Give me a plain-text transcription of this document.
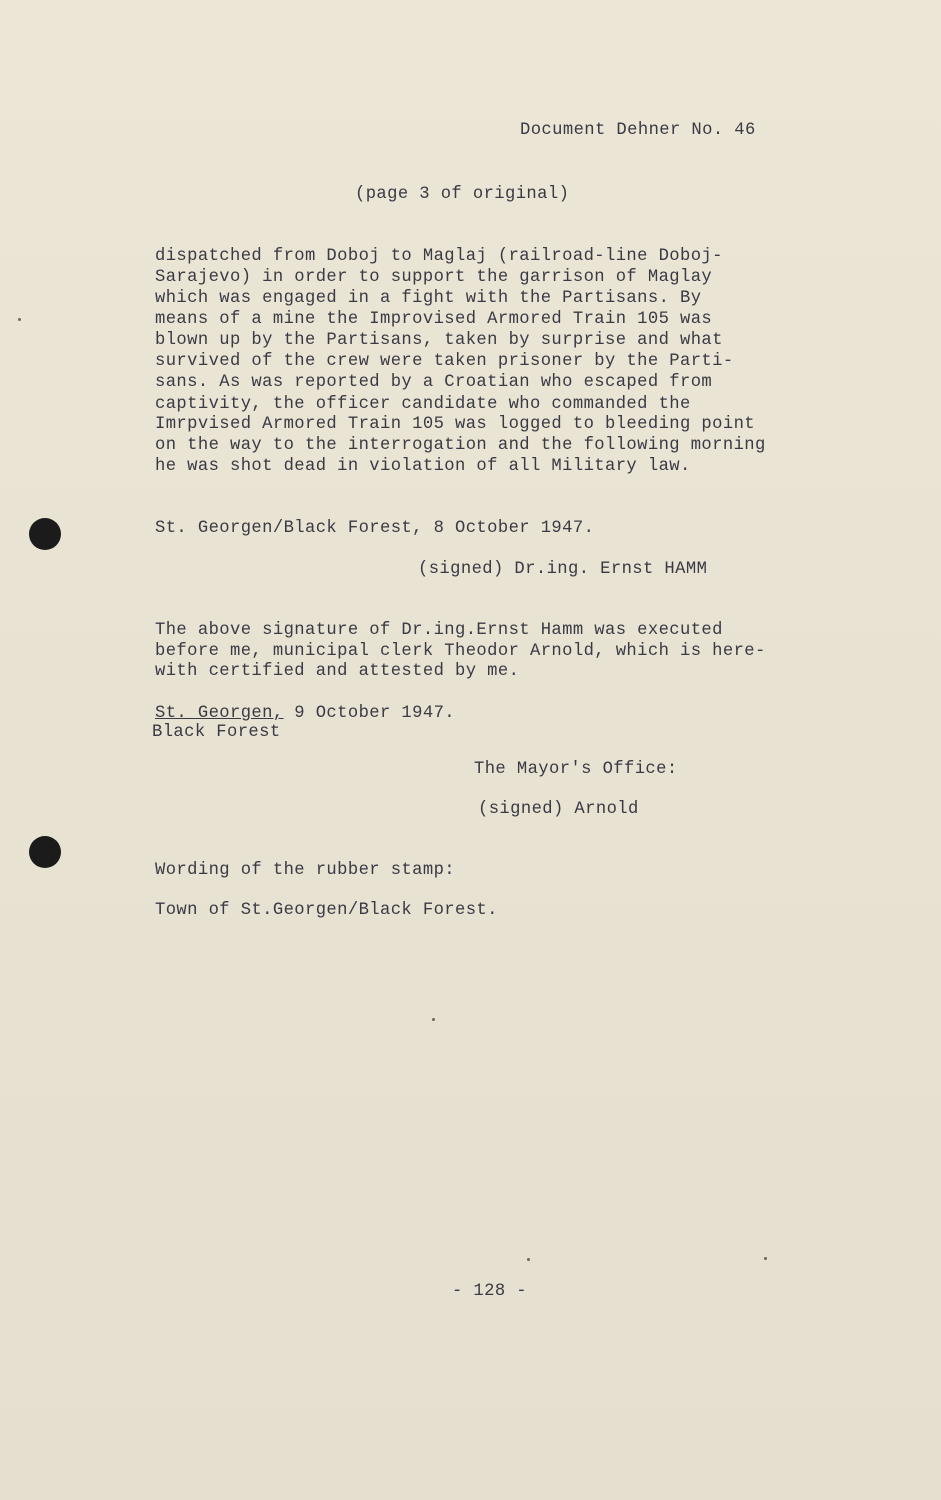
Document Dehner No. 46
(page 3 of original)
dispatched from Doboj to Maglaj (railroad-line Doboj-
Sarajevo) in order to support the garrison of Maglay
which was engaged in a fight with the Partisans. By
means of a mine the Improvised Armored Train 105 was
blown up by the Partisans, taken by surprise and what
survived of the crew were taken prisoner by the Parti-
sans. As was reported by a Croatian who escaped from
captivity, the officer candidate who commanded the
Imrpvised Armored Train 105 was logged to bleeding point
on the way to the interrogation and the following morning
he was shot dead in violation of all Military law.
St. Georgen/Black Forest, 8 October 1947.
(signed) Dr.ing. Ernst HAMM
The above signature of Dr.ing.Ernst Hamm was executed
before me, municipal clerk Theodor Arnold, which is here-
with certified and attested by me.
St. Georgen, 9 October 1947.
Black Forest
The Mayor's Office:
(signed) Arnold
Wording of the rubber stamp:
Town of St.Georgen/Black Forest.
- 128 -
